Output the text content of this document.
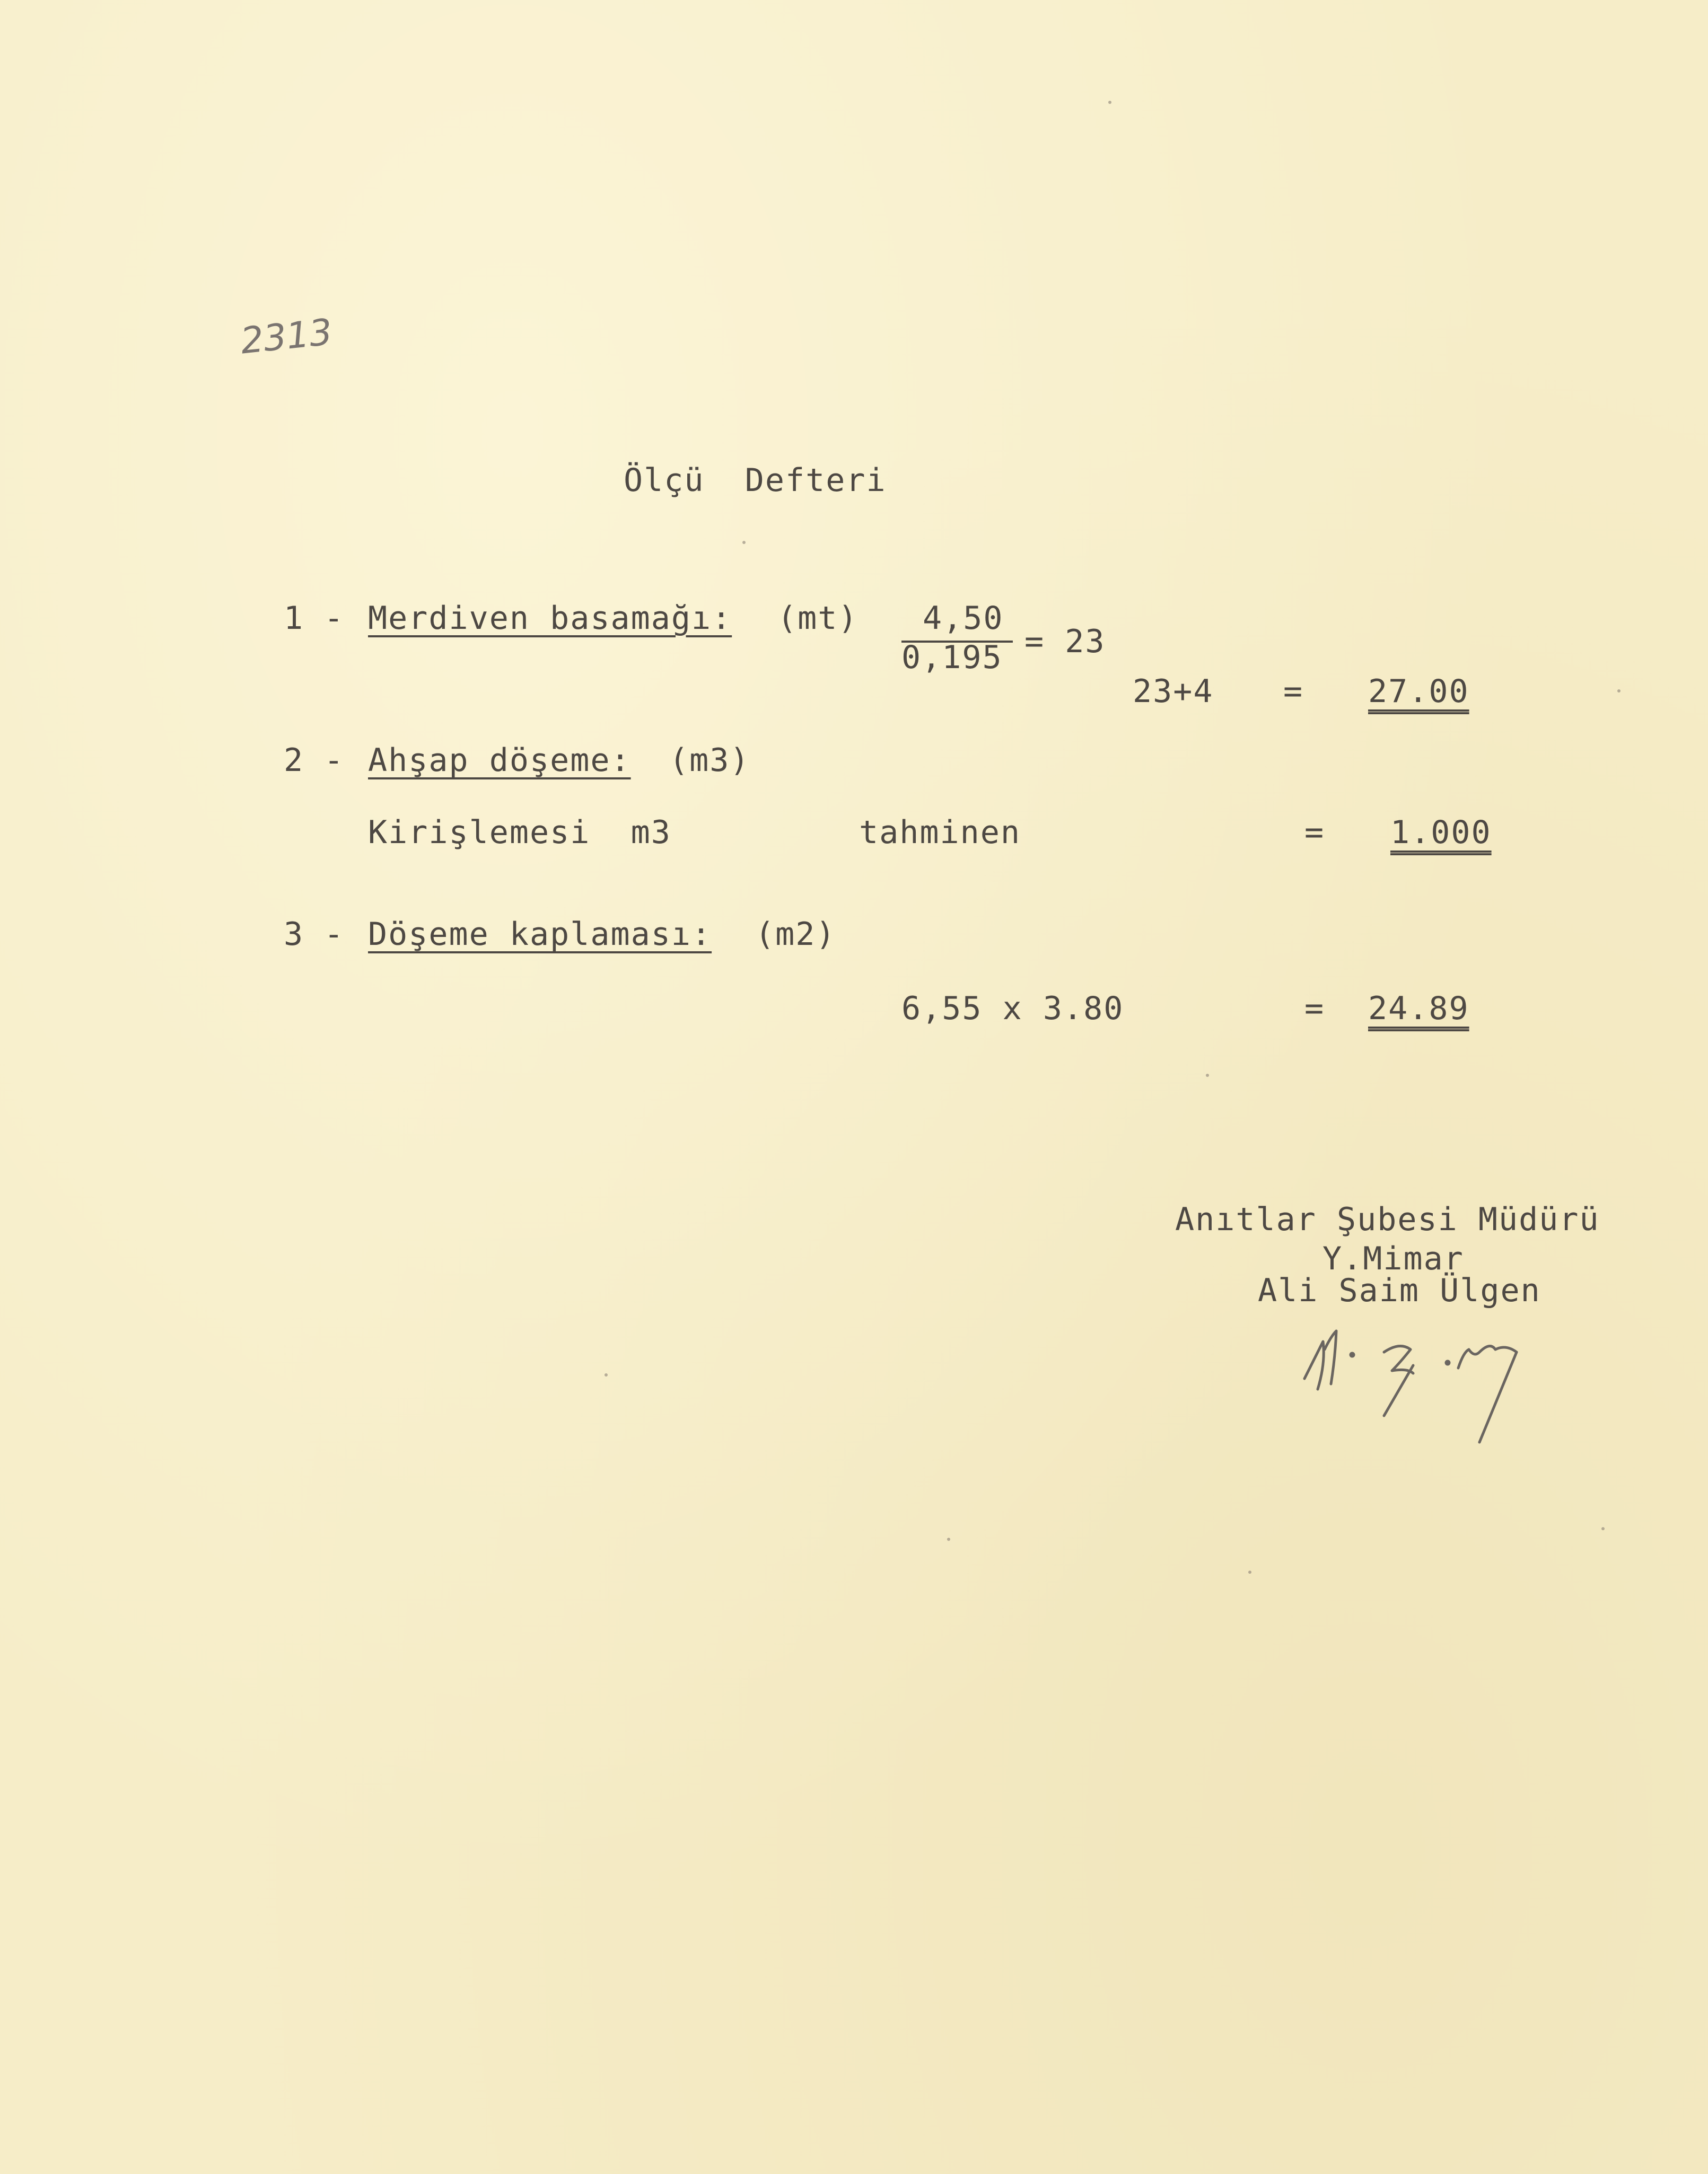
2313
Ölçü  Defteri
1 - Merdiven basamağı: (mt) 4,50
0,195 = 23
23+4 = 27.00
2 - Ahşap döşeme: (m3)
Kirişlemesi  m3	tahminen	= 1.000
3 - Döşeme kaplaması: (m2)
6,55 x 3.80	= 24.89
Anıtlar Şubesi Müdürü
Y.Mimar
Ali Saim Ülgen
